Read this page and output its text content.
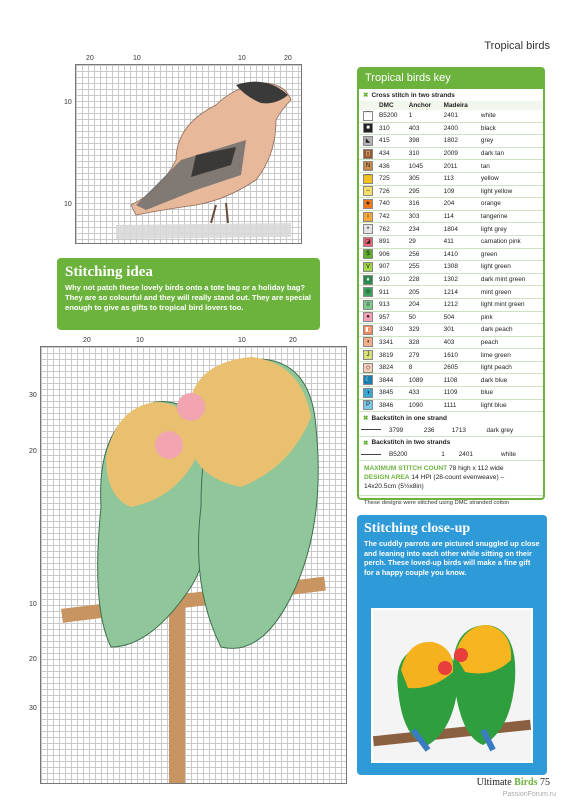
Tropical birds
20	10	10	20
10
10
Stitching idea

Why not patch these lovely birds onto a tote bag or a holiday bag? They are so colourful and they will really stand out. They are special enough to give as gifts to tropical bird lovers too.

20	10	10	20
30
20
10
20
30
Tropical birds key
✖ Cross stitch in two strands
	DMC	Anchor	Madeira	
⌒	B5200	1	2401	white
■	310	403	2400	black
◣	415	398	1802	grey
◻	434	310	2009	dark tan
N	436	1045	2011	tan
⌒	725	305	113	yellow
–	726	295	109	light yellow
★	740	316	204	orange
♀	742	303	114	tangerine
•	762	234	1804	light grey
◪	891	29	411	carnation pink
$	906	256	1410	green
V	907	255	1308	light green
♦	910	228	1302	dark mint green
◎	911	205	1214	mint green
≡	913	204	1212	light mint green
●	957	50	504	pink
◧	3340	329	301	dark peach
◖	3341	328	403	peach
J	3819	279	1610	lime green
◇	3824	8	2605	light peach
☾	3844	1089	1108	dark blue
◑	3845	433	1109	blue
P	3846	1090	1111	light blue
✖ Backstitch in one strand
	3799	236	1713	dark grey
✖ Backstitch in two strands
	B5200	1	2401	white
MAXIMUM STITCH COUNT 78 high x 112 wide
DESIGN AREA 14 HPI (28-count evenweave) – 14x20.5cm (5½x8in)
These designs were stitched using DMC stranded cotton
Stitching close-up

The cuddly parrots are pictured snuggled up close and leaning into each other while sitting on their perch. These loved-up birds will make a fine gift for a happy couple you know.

Ultimate Birds 75
PassionForum.ru
